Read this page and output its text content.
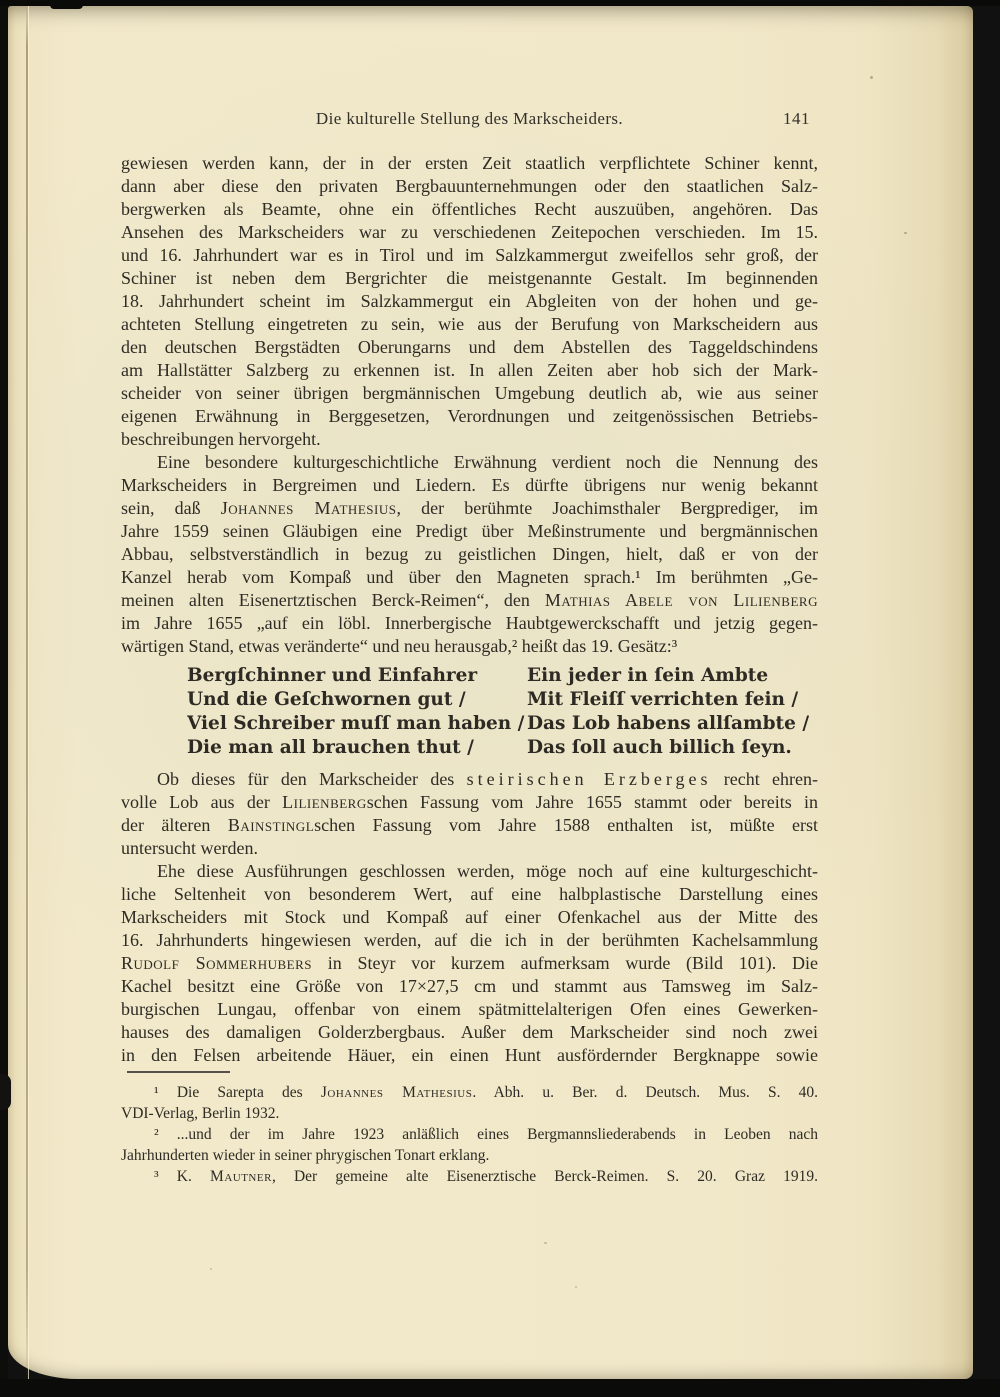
Die kulturelle Stellung des Markscheiders.	141
gewiesen werden kann, der in der ersten Zeit staatlich verpflichtete Schiner kennt,
dann aber diese den privaten Bergbauunternehmungen oder den staatlichen Salz-
bergwerken als Beamte, ohne ein öffentliches Recht auszuüben, angehören. Das
Ansehen des Markscheiders war zu verschiedenen Zeitepochen verschieden. Im 15.
und 16. Jahrhundert war es in Tirol und im Salzkammergut zweifellos sehr groß, der
Schiner ist neben dem Bergrichter die meistgenannte Gestalt. Im beginnenden
18. Jahrhundert scheint im Salzkammergut ein Abgleiten von der hohen und ge-
achteten Stellung eingetreten zu sein, wie aus der Berufung von Markscheidern aus
den deutschen Bergstädten Oberungarns und dem Abstellen des Taggeldschindens
am Hallstätter Salzberg zu erkennen ist. In allen Zeiten aber hob sich der Mark-
scheider von seiner übrigen bergmännischen Umgebung deutlich ab, wie aus seiner
eigenen Erwähnung in Berggesetzen, Verordnungen und zeitgenössischen Betriebs-
beschreibungen hervorgeht.
Eine besondere kulturgeschichtliche Erwähnung verdient noch die Nennung des
Markscheiders in Bergreimen und Liedern. Es dürfte übrigens nur wenig bekannt
sein, daß Johannes Mathesius, der berühmte Joachimsthaler Bergprediger, im
Jahre 1559 seinen Gläubigen eine Predigt über Meßinstrumente und bergmännischen
Abbau, selbstverständlich in bezug zu geistlichen Dingen, hielt, daß er von der
Kanzel herab vom Kompaß und über den Magneten sprach.¹ Im berühmten „Ge-
meinen alten Eisenertztischen Berck-Reimen“, den Mathias Abele von Lilienberg
im Jahre 1655 „auf ein löbl. Innerbergische Haubtgewerckschafft und jetzig gegen-
wärtigen Stand, etwas veränderte“ und neu herausgab,² heißt das 19. Gesätz:³
Bergſchinner und Einfahrer
Und die Geſchwornen gut /
Viel Schreiber muſſ man haben /
Die man all brauchen thut /
Ein jeder in ſein Ambte
Mit Fleiſſ verrichten fein /
Das Lob habens allſambte /
Das ſoll auch billich ſeyn.
Ob dieses für den Markscheider des steirischen Erzberges recht ehren-
volle Lob aus der Lilienbergschen Fassung vom Jahre 1655 stammt oder bereits in
der älteren Bainstinglschen Fassung vom Jahre 1588 enthalten ist, müßte erst
untersucht werden.
Ehe diese Ausführungen geschlossen werden, möge noch auf eine kulturgeschicht-
liche Seltenheit von besonderem Wert, auf eine halbplastische Darstellung eines
Markscheiders mit Stock und Kompaß auf einer Ofenkachel aus der Mitte des
16. Jahrhunderts hingewiesen werden, auf die ich in der berühmten Kachelsammlung
Rudolf Sommerhubers in Steyr vor kurzem aufmerksam wurde (Bild 101). Die
Kachel besitzt eine Größe von 17×27,5 cm und stammt aus Tamsweg im Salz-
burgischen Lungau, offenbar von einem spätmittelalterigen Ofen eines Gewerken-
hauses des damaligen Golderzbergbaus. Außer dem Markscheider sind noch zwei
in den Felsen arbeitende Häuer, ein einen Hunt ausfördernder Bergknappe sowie
¹ Die Sarepta des Johannes Mathesius. Abh. u. Ber. d. Deutsch. Mus. S. 40.
VDI-Verlag, Berlin 1932.
² ...und der im Jahre 1923 anläßlich eines Bergmannsliederabends in Leoben nach
Jahrhunderten wieder in seiner phrygischen Tonart erklang.
³ K. Mautner, Der gemeine alte Eisenerztische Berck-Reimen. S. 20. Graz 1919.
